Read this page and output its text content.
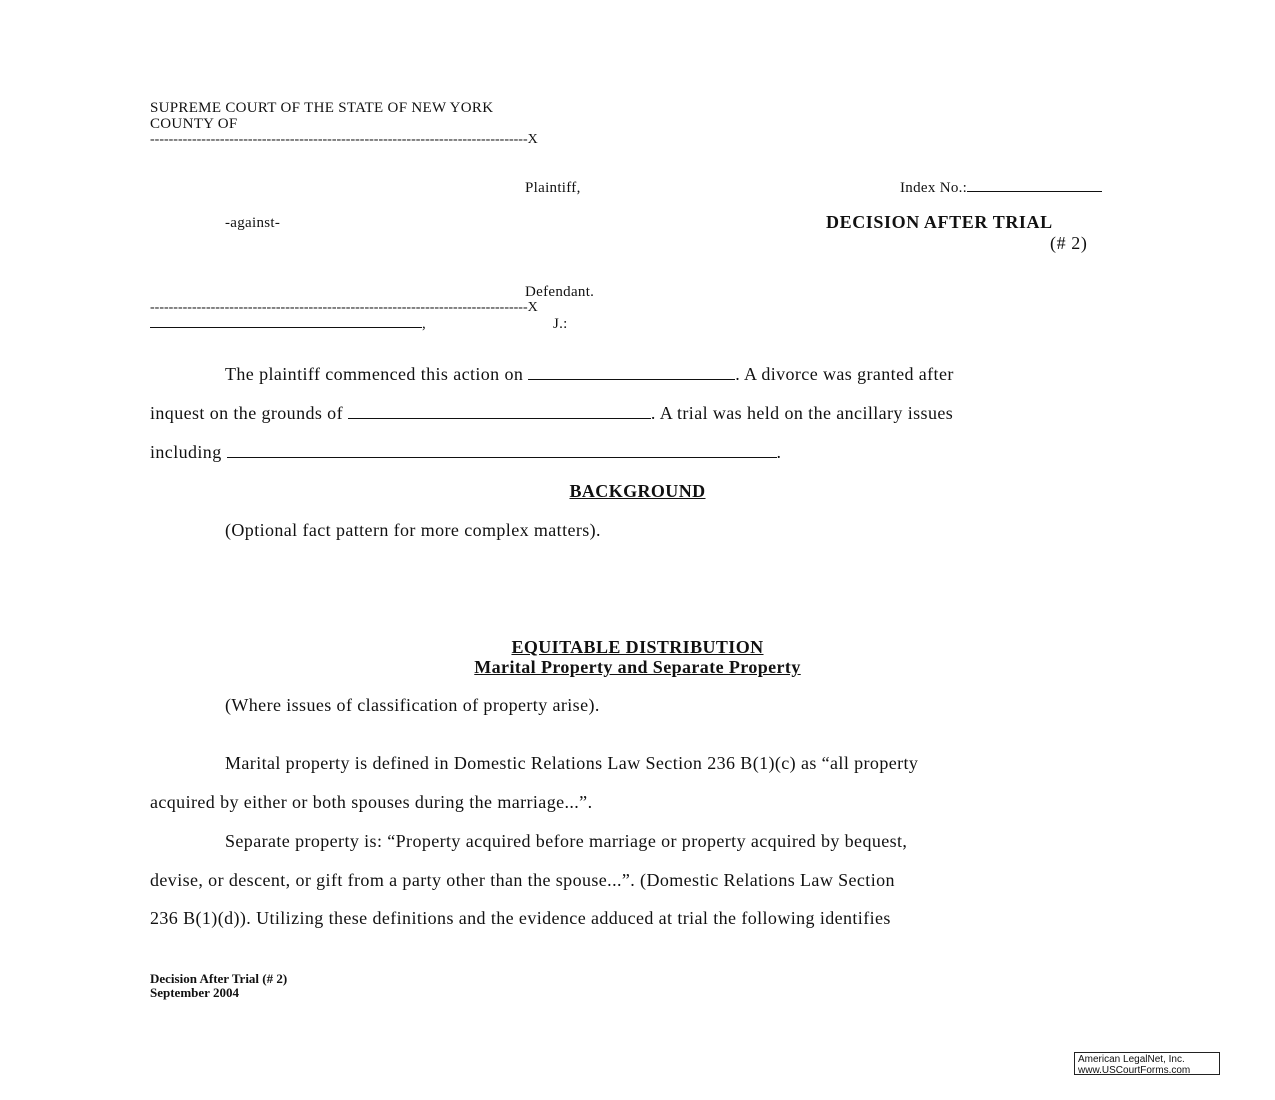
SUPREME COURT OF THE STATE OF NEW YORK
COUNTY OF
---------------------------------------------------------------------------------X
Plaintiff,	Index No.:
-against-	DECISION AFTER TRIAL
(# 2)
Defendant.
---------------------------------------------------------------------------------X
,	J.:
The plaintiff commenced this action on	. A divorce was granted after
inquest on the grounds of	. A trial was held on the ancillary issues
including	.
BACKGROUND
(Optional fact pattern for more complex matters).
EQUITABLE DISTRIBUTION
Marital Property and Separate Property
(Where issues of classification of property arise).
Marital property is defined in Domestic Relations Law Section 236 B(1)(c) as “all property
acquired by either or both spouses during the marriage...”.
Separate property is: “Property acquired before marriage or property acquired by bequest,
devise, or descent, or gift from a party other than the spouse...”. (Domestic Relations Law Section
236 B(1)(d)). Utilizing these definitions and the evidence adduced at trial the following identifies
Decision After Trial (# 2)
September 2004
American LegalNet, Inc.
www.USCourtForms.com
